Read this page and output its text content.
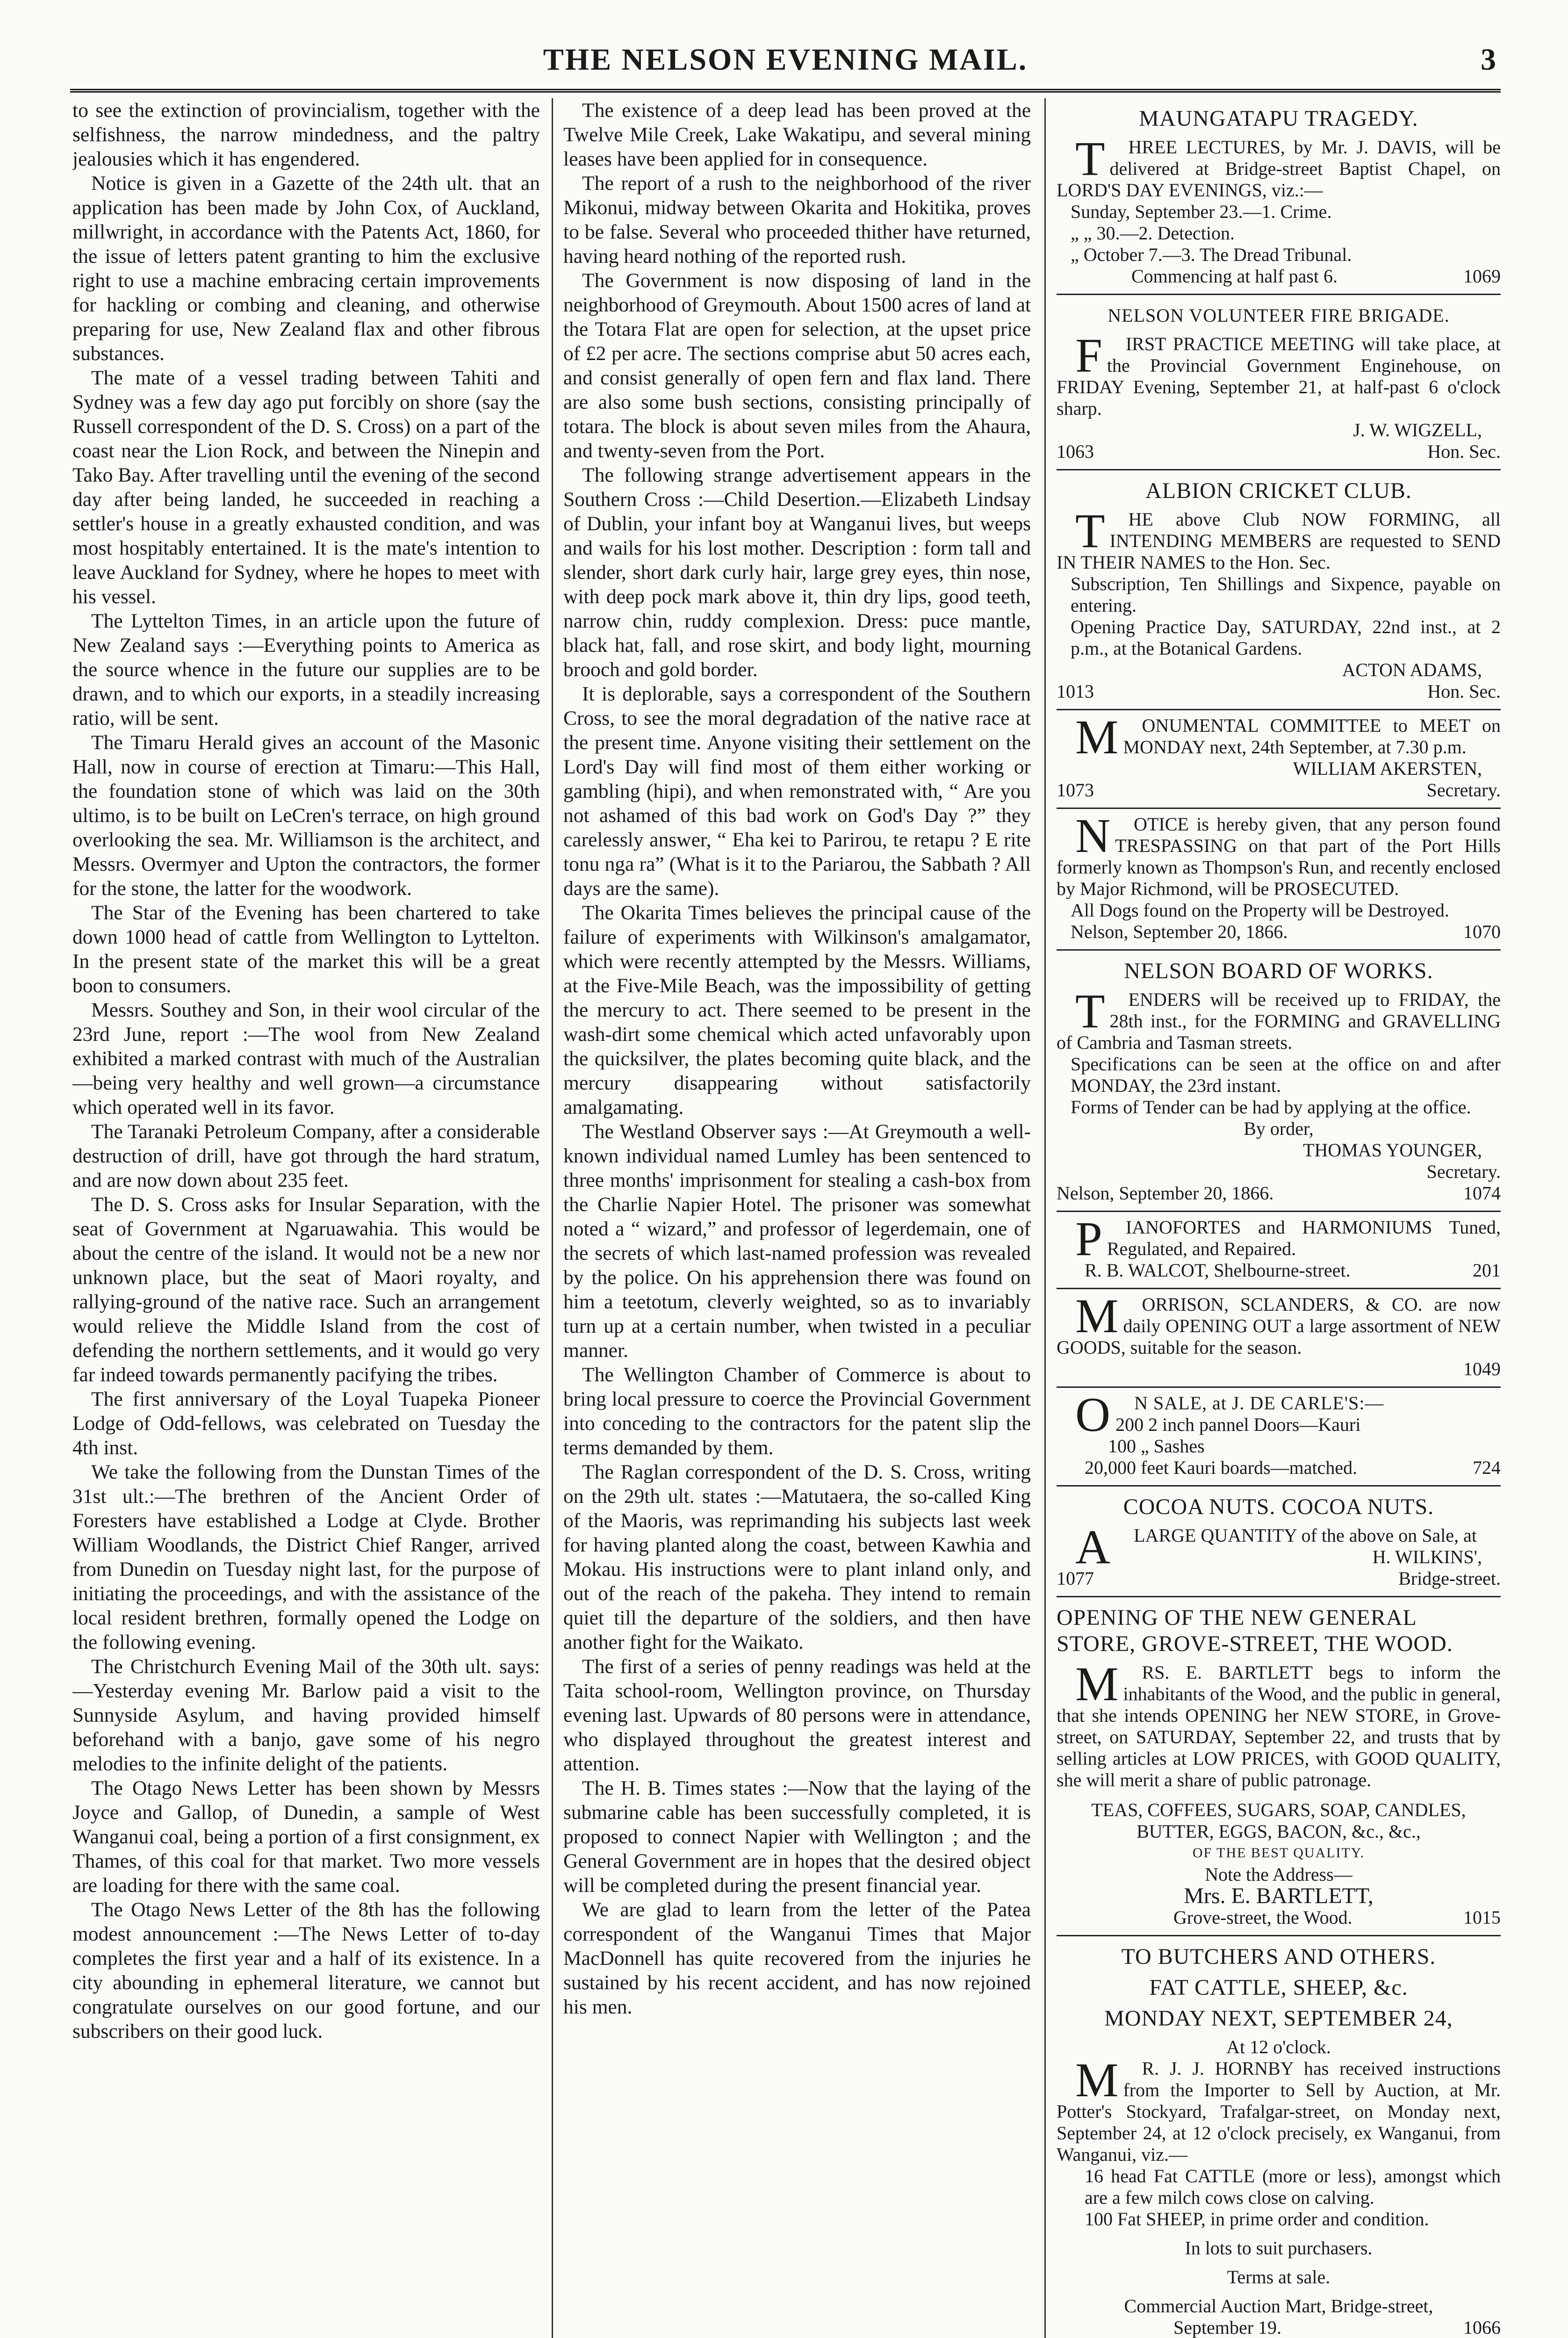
THE NELSON EVENING MAIL.	3

to see the extinction of provincialism, together with the selfishness, the narrow mindedness, and the paltry jealousies which it has engendered.

Notice is given in a Gazette of the 24th ult. that an application has been made by John Cox, of Auckland, millwright, in accordance with the Patents Act, 1860, for the issue of letters patent granting to him the exclusive right to use a machine embracing certain improvements for hackling or combing and cleaning, and otherwise preparing for use, New Zealand flax and other fibrous substances.

The mate of a vessel trading between Tahiti and Sydney was a few day ago put forcibly on shore (say the Russell correspondent of the D. S. Cross) on a part of the coast near the Lion Rock, and between the Ninepin and Tako Bay. After travelling until the evening of the second day after being landed, he succeeded in reaching a settler's house in a greatly exhausted condition, and was most hospitably entertained. It is the mate's intention to leave Auckland for Sydney, where he hopes to meet with his vessel.

The Lyttelton Times, in an article upon the future of New Zealand says :—Everything points to America as the source whence in the future our supplies are to be drawn, and to which our exports, in a steadily increasing ratio, will be sent.

The Timaru Herald gives an account of the Masonic Hall, now in course of erection at Timaru:—This Hall, the foundation stone of which was laid on the 30th ultimo, is to be built on LeCren's terrace, on high ground overlooking the sea. Mr. Williamson is the architect, and Messrs. Overmyer and Upton the contractors, the former for the stone, the latter for the woodwork.

The Star of the Evening has been chartered to take down 1000 head of cattle from Wellington to Lyttelton. In the present state of the market this will be a great boon to consumers.

Messrs. Southey and Son, in their wool circular of the 23rd June, report :—The wool from New Zealand exhibited a marked contrast with much of the Australian—being very healthy and well grown—a circumstance which operated well in its favor.

The Taranaki Petroleum Company, after a considerable destruction of drill, have got through the hard stratum, and are now down about 235 feet.

The D. S. Cross asks for Insular Separation, with the seat of Government at Ngaruawahia. This would be about the centre of the island. It would not be a new nor unknown place, but the seat of Maori royalty, and rallying-ground of the native race. Such an arrangement would relieve the Middle Island from the cost of defending the northern settlements, and it would go very far indeed towards permanently pacifying the tribes.

The first anniversary of the Loyal Tuapeka Pioneer Lodge of Odd-fellows, was celebrated on Tuesday the 4th inst.

We take the following from the Dunstan Times of the 31st ult.:—The brethren of the Ancient Order of Foresters have established a Lodge at Clyde. Brother William Woodlands, the District Chief Ranger, arrived from Dunedin on Tuesday night last, for the purpose of initiating the proceedings, and with the assistance of the local resident brethren, formally opened the Lodge on the following evening.

The Christchurch Evening Mail of the 30th ult. says:—Yesterday evening Mr. Barlow paid a visit to the Sunnyside Asylum, and having provided himself beforehand with a banjo, gave some of his negro melodies to the infinite delight of the patients.

The Otago News Letter has been shown by Messrs Joyce and Gallop, of Dunedin, a sample of West Wanganui coal, being a portion of a first consignment, ex Thames, of this coal for that market. Two more vessels are loading for there with the same coal.

The Otago News Letter of the 8th has the following modest announcement :—The News Letter of to-day completes the first year and a half of its existence. In a city abounding in ephemeral literature, we cannot but congratulate ourselves on our good fortune, and our subscribers on their good luck.

The existence of a deep lead has been proved at the Twelve Mile Creek, Lake Wakatipu, and several mining leases have been applied for in consequence.

The report of a rush to the neighborhood of the river Mikonui, midway between Okarita and Hokitika, proves to be false. Several who proceeded thither have returned, having heard nothing of the reported rush.

The Government is now disposing of land in the neighborhood of Greymouth. About 1500 acres of land at the Totara Flat are open for selection, at the upset price of £2 per acre. The sections comprise abut 50 acres each, and consist generally of open fern and flax land. There are also some bush sections, consisting principally of totara. The block is about seven miles from the Ahaura, and twenty-seven from the Port.

The following strange advertisement appears in the Southern Cross :—Child Desertion.—Elizabeth Lindsay of Dublin, your infant boy at Wanganui lives, but weeps and wails for his lost mother. Description : form tall and slender, short dark curly hair, large grey eyes, thin nose, with deep pock mark above it, thin dry lips, good teeth, narrow chin, ruddy complexion. Dress: puce mantle, black hat, fall, and rose skirt, and body light, mourning brooch and gold border.

It is deplorable, says a correspondent of the Southern Cross, to see the moral degradation of the native race at the present time. Anyone visiting their settlement on the Lord's Day will find most of them either working or gambling (hipi), and when remonstrated with, “ Are you not ashamed of this bad work on God's Day ?” they carelessly answer, “ Eha kei to Parirou, te retapu ? E rite tonu nga ra” (What is it to the Pariarou, the Sabbath ? All days are the same).

The Okarita Times believes the principal cause of the failure of experiments with Wilkinson's amalgamator, which were recently attempted by the Messrs. Williams, at the Five-Mile Beach, was the impossibility of getting the mercury to act. There seemed to be present in the wash-dirt some chemical which acted unfavorably upon the quicksilver, the plates becoming quite black, and the mercury disappearing without satisfactorily amalgamating.

The Westland Observer says :—At Greymouth a well-known individual named Lumley has been sentenced to three months' imprisonment for stealing a cash-box from the Charlie Napier Hotel. The prisoner was somewhat noted a “ wizard,” and professor of legerdemain, one of the secrets of which last-named profession was revealed by the police. On his apprehension there was found on him a teetotum, cleverly weighted, so as to invariably turn up at a certain number, when twisted in a peculiar manner.

The Wellington Chamber of Commerce is about to bring local pressure to coerce the Provincial Government into conceding to the contractors for the patent slip the terms demanded by them.

The Raglan correspondent of the D. S. Cross, writing on the 29th ult. states :—Matutaera, the so-called King of the Maoris, was reprimanding his subjects last week for having planted along the coast, between Kawhia and Mokau. His instructions were to plant inland only, and out of the reach of the pakeha. They intend to remain quiet till the departure of the soldiers, and then have another fight for the Waikato.

The first of a series of penny readings was held at the Taita school-room, Wellington province, on Thursday evening last. Upwards of 80 persons were in attendance, who displayed throughout the greatest interest and attention.

The H. B. Times states :—Now that the laying of the submarine cable has been successfully completed, it is proposed to connect Napier with Wellington ; and the General Government are in hopes that the desired object will be completed during the present financial year.

We are glad to learn from the letter of the Patea correspondent of the Wanganui Times that Major MacDonnell has quite recovered from the injuries he sustained by his recent accident, and has now rejoined his men.

MAUNGATAPU TRAGEDY.

T HREE LECTURES, by Mr. J. DAVIS, will be delivered at Bridge-street Baptist Chapel, on LORD'S DAY EVENINGS, viz.:—

Sunday, September 23.—1. Crime.
„ „ 30.—2. Detection.
„ October 7.—3. The Dread Tribunal.
Commencing at half past 6.	1069
NELSON VOLUNTEER FIRE BRIGADE.

F IRST PRACTICE MEETING will take place, at the Provincial Government Enginehouse, on FRIDAY Evening, September 21, at half-past 6 o'clock sharp.

J. W. WIGZELL,
1063	Hon. Sec.
ALBION CRICKET CLUB.

T HE above Club NOW FORMING, all INTENDING MEMBERS are requested to SEND IN THEIR NAMES to the Hon. Sec.

Subscription, Ten Shillings and Sixpence, payable on entering.
Opening Practice Day, SATURDAY, 22nd inst., at 2 p.m., at the Botanical Gardens.
ACTON ADAMS,
1013	Hon. Sec.

M ONUMENTAL COMMITTEE to MEET on MONDAY next, 24th September, at 7.30 p.m.

WILLIAM AKERSTEN,
1073	Secretary.

N OTICE is hereby given, that any person found TRESPASSING on that part of the Port Hills formerly known as Thompson's Run, and recently enclosed by Major Richmond, will be PROSECUTED.

All Dogs found on the Property will be Destroyed.
Nelson, September 20, 1866.	1070
NELSON BOARD OF WORKS.

T ENDERS will be received up to FRIDAY, the 28th inst., for the FORMING and GRAVELLING of Cambria and Tasman streets.

Specifications can be seen at the office on and after MONDAY, the 23rd instant.
Forms of Tender can be had by applying at the office.
By order,
THOMAS YOUNGER,
Secretary.
Nelson, September 20, 1866.	1074

P IANOFORTES and HARMONIUMS Tuned, Regulated, and Repaired.

R. B. WALCOT, Shelbourne-street.	201

M ORRISON, SCLANDERS, & CO. are now daily OPENING OUT a large assortment of NEW GOODS, suitable for the season.

1049

O N SALE, at J. DE CARLE'S:—

200 2 inch pannel Doors—Kauri
100 „ Sashes
20,000 feet Kauri boards—matched.	724
COCOA NUTS. COCOA NUTS.

A LARGE QUANTITY of the above on Sale, at

H. WILKINS',
1077	Bridge-street.
OPENING OF THE NEW GENERAL STORE, GROVE-STREET, THE WOOD.

M RS. E. BARTLETT begs to inform the inhabitants of the Wood, and the public in general, that she intends OPENING her NEW STORE, in Grove-street, on SATURDAY, September 22, and trusts that by selling articles at LOW PRICES, with GOOD QUALITY, she will merit a share of public patronage.

TEAS, COFFEES, SUGARS, SOAP, CANDLES, BUTTER, EGGS, BACON, &c., &c.,
OF THE BEST QUALITY.
Note the Address—
Mrs. E. BARTLETT,
Grove-street, the Wood.	1015
TO BUTCHERS AND OTHERS.
FAT CATTLE, SHEEP, &c.
MONDAY NEXT, SEPTEMBER 24,
At 12 o'clock.

M R. J. J. HORNBY has received instructions from the Importer to Sell by Auction, at Mr. Potter's Stockyard, Trafalgar-street, on Monday next, September 24, at 12 o'clock precisely, ex Wanganui, from Wanganui, viz.—

16 head Fat CATTLE (more or less), amongst which are a few milch cows close on calving.
100 Fat SHEEP, in prime order and condition.
In lots to suit purchasers.
Terms at sale.
Commercial Auction Mart, Bridge-street,
September 19.	1066
